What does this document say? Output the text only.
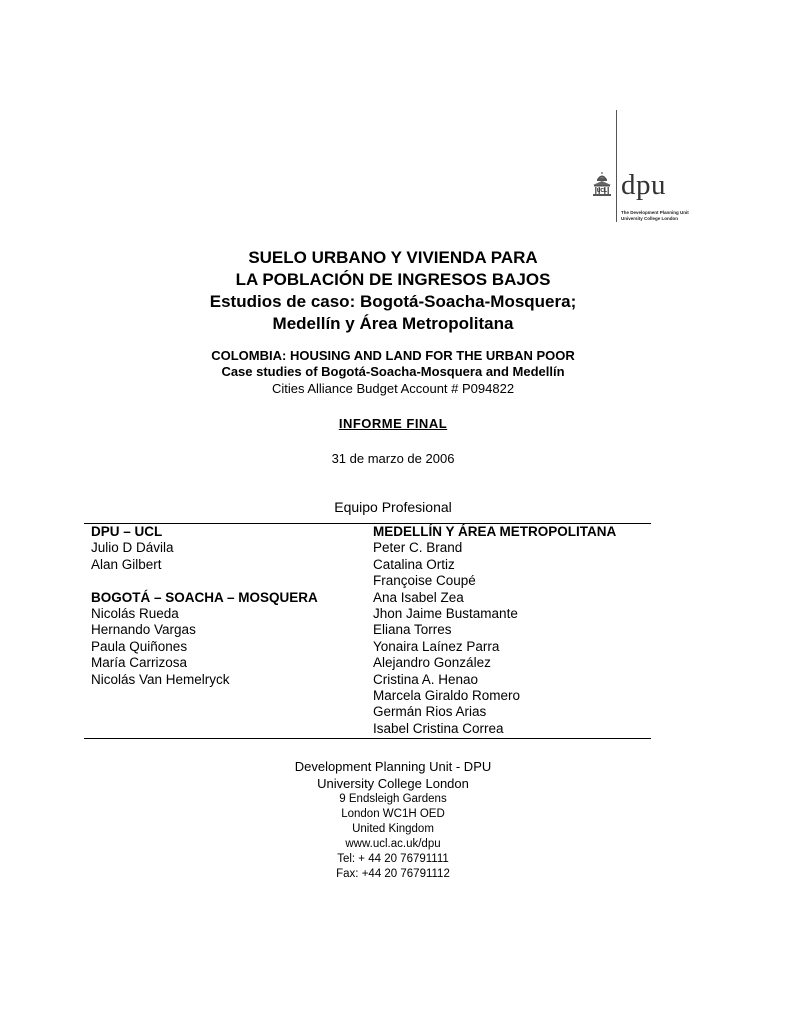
UCL dpu
The Development Planning Unit
University College London
SUELO URBANO Y VIVIENDA PARA
LA POBLACIÓN DE INGRESOS BAJOS
Estudios de caso: Bogotá-Soacha-Mosquera;
Medellín y Área Metropolitana
COLOMBIA: HOUSING AND LAND FOR THE URBAN POOR
Case studies of Bogotá-Soacha-Mosquera and Medellín
Cities Alliance Budget Account # P094822
INFORME FINAL
31 de marzo de 2006
Equipo Profesional
DPU – UCL
Julio D Dávila
Alan Gilbert

BOGOTÁ – SOACHA – MOSQUERA
Nicolás Rueda
Hernando Vargas
Paula Quiñones
María Carrizosa
Nicolás Van Hemelryck
MEDELLÍN Y ÁREA METROPOLITANA
Peter C. Brand
Catalina Ortiz
Françoise Coupé
Ana Isabel Zea
Jhon Jaime Bustamante
Eliana Torres
Yonaira Laínez Parra
Alejandro González
Cristina A. Henao
Marcela Giraldo Romero
Germán Rios Arias
Isabel Cristina Correa
Development Planning Unit - DPU
University College London
9 Endsleigh Gardens
London WC1H OED
United Kingdom
www.ucl.ac.uk/dpu
Tel: + 44 20 76791111
Fax: +44 20 76791112
